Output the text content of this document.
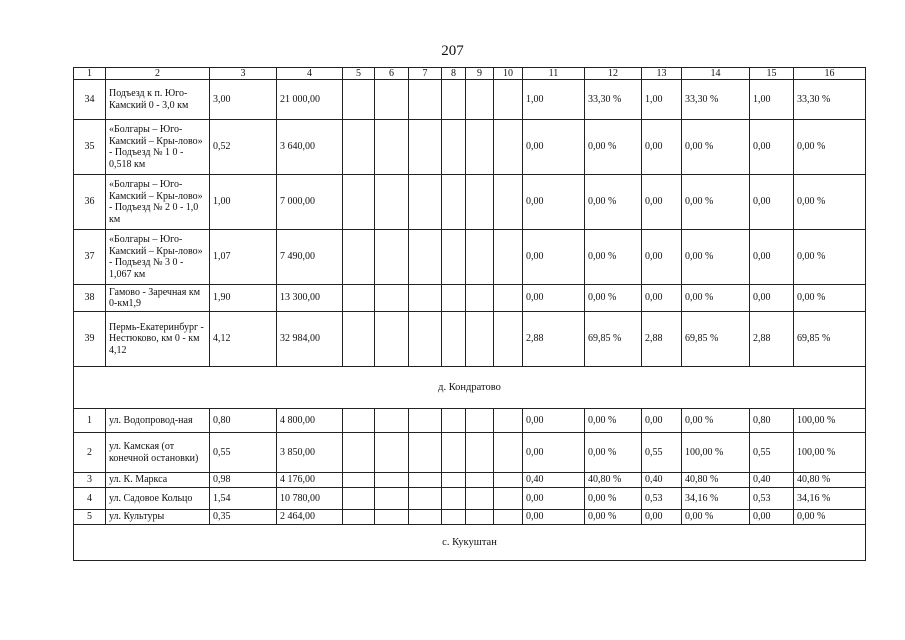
207
1	2	3	4	5	6	7	8	9	10	11	12	13	14	15	16
34	Подъезд к п. Юго-Камский 0 - 3,0 км	3,00	21 000,00							1,00	33,30 %	1,00	33,30 %	1,00	33,30 %
35	«Болгары – Юго-Камский – Кры-лово» - Подъезд № 1 0 - 0,518 км	0,52	3 640,00							0,00	0,00 %	0,00	0,00 %	0,00	0,00 %
36	«Болгары – Юго-Камский – Кры-лово» - Подъезд № 2 0 - 1,0 км	1,00	7 000,00							0,00	0,00 %	0,00	0,00 %	0,00	0,00 %
37	«Болгары – Юго-Камский – Кры-лово» - Подъезд № 3 0 - 1,067 км	1,07	7 490,00							0,00	0,00 %	0,00	0,00 %	0,00	0,00 %
38	Гамово - Заречная км 0-км1,9	1,90	13 300,00							0,00	0,00 %	0,00	0,00 %	0,00	0,00 %
39	Пермь-Екатеринбург - Нестюково, км 0 - км 4,12	4,12	32 984,00							2,88	69,85 %	2,88	69,85 %	2,88	69,85 %
д. Кондратово															
1	ул. Водопровод-ная	0,80	4 800,00							0,00	0,00 %	0,00	0,00 %	0,80	100,00 %
2	ул. Камская (от конечной остановки)	0,55	3 850,00							0,00	0,00 %	0,55	100,00 %	0,55	100,00 %
3	ул. К. Маркса	0,98	4 176,00							0,40	40,80 %	0,40	40,80 %	0,40	40,80 %
4	ул. Садовое Кольцо	1,54	10 780,00							0,00	0,00 %	0,53	34,16 %	0,53	34,16 %
5	ул. Культуры	0,35	2 464,00							0,00	0,00 %	0,00	0,00 %	0,00	0,00 %
с. Кукуштан															
